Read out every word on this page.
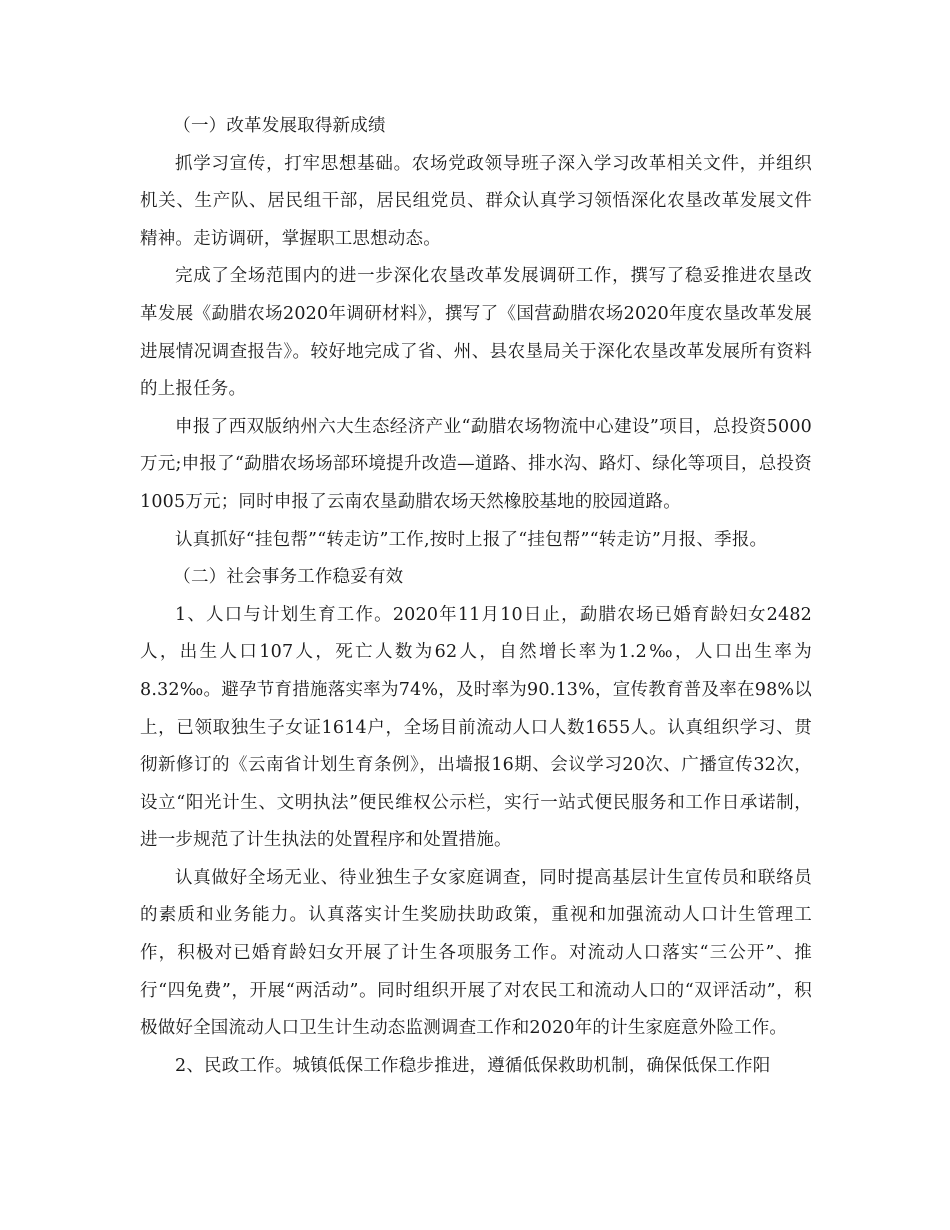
（一）改革发展取得新成绩

抓学习宣传，打牢思想基础。农场党政领导班子深入学习改革相关文件，并组织机关、生产队、居民组干部，居民组党员、群众认真学习领悟深化农垦改革发展文件精神。走访调研，掌握职工思想动态。

完成了全场范围内的进一步深化农垦改革发展调研工作，撰写了稳妥推进农垦改革发展《勐腊农场2020年调研材料》，撰写了《国营勐腊农场2020年度农垦改革发展进展情况调查报告》。较好地完成了省、州、县农垦局关于深化农垦改革发展所有资料的上报任务。

申报了西双版纳州六大生态经济产业“勐腊农场物流中心建设”项目，总投资5000万元;申报了“勐腊农场场部环境提升改造—道路、排水沟、路灯、绿化等项目，总投资1005万元；同时申报了云南农垦勐腊农场天然橡胶基地的胶园道路。

认真抓好“挂包帮”“转走访”工作,按时上报了“挂包帮”“转走访”月报、季报。

（二）社会事务工作稳妥有效

1、人口与计划生育工作。2020年11月10日止，勐腊农场已婚育龄妇女2482人，出生人口107人，死亡人数为62人，自然增长率为1.2‰，人口出生率为8.32‰。避孕节育措施落实率为74%，及时率为90.13%，宣传教育普及率在98%以上，已领取独生子女证1614户，全场目前流动人口人数1655人。认真组织学习、贯彻新修订的《云南省计划生育条例》，出墙报16期、会议学习20次、广播宣传32次，设立“阳光计生、文明执法”便民维权公示栏，实行一站式便民服务和工作日承诺制，进一步规范了计生执法的处置程序和处置措施。

认真做好全场无业、待业独生子女家庭调查，同时提高基层计生宣传员和联络员的素质和业务能力。认真落实计生奖励扶助政策，重视和加强流动人口计生管理工作，积极对已婚育龄妇女开展了计生各项服务工作。对流动人口落实“三公开”、推行“四免费”，开展“两活动”。同时组织开展了对农民工和流动人口的“双评活动”，积极做好全国流动人口卫生计生动态监测调查工作和2020年的计生家庭意外险工作。

2、民政工作。城镇低保工作稳步推进，遵循低保救助机制，确保低保工作阳
